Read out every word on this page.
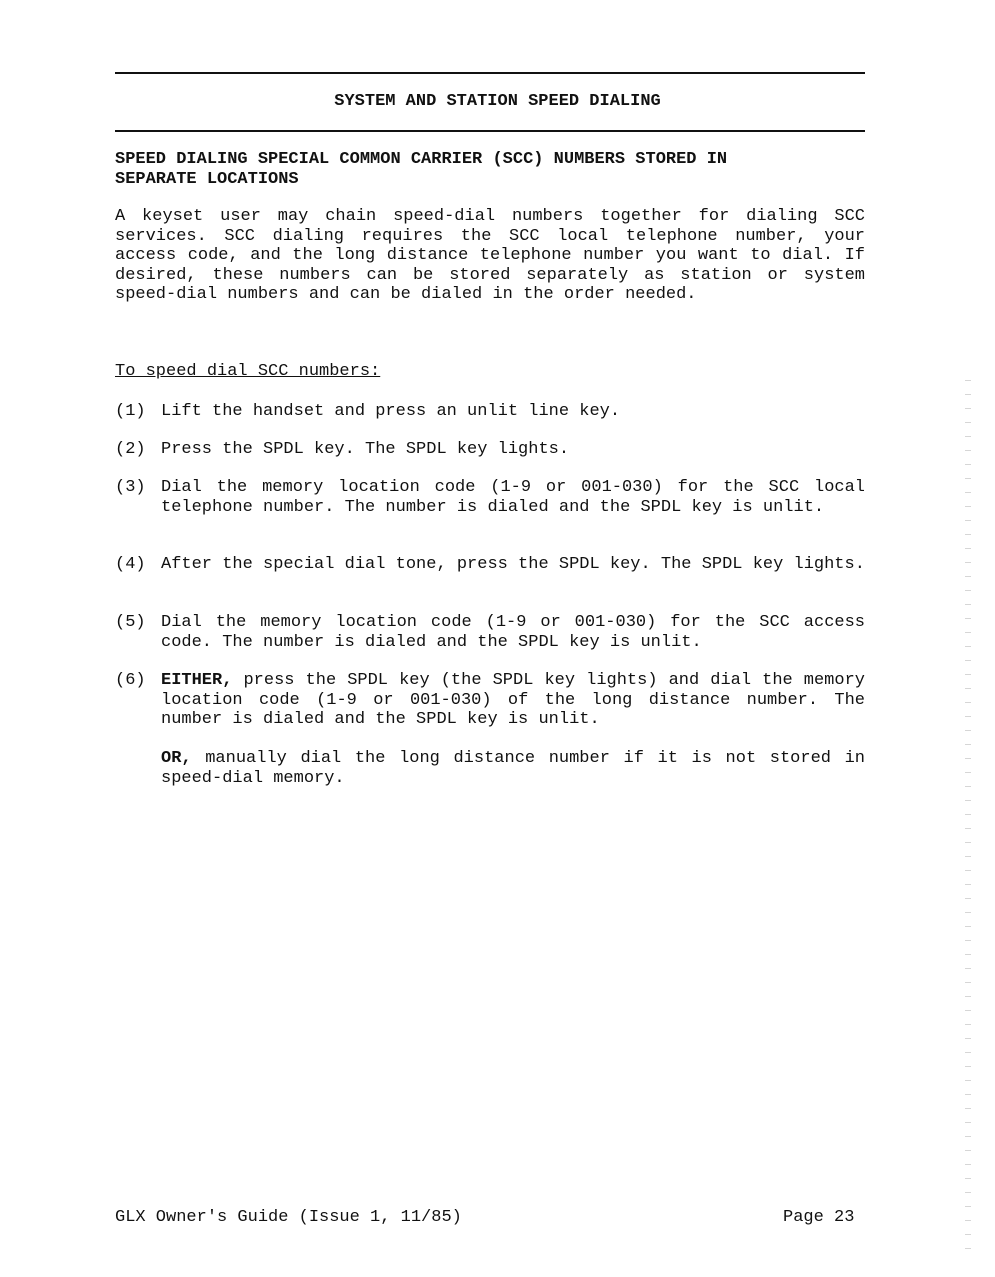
SYSTEM AND STATION SPEED DIALING
SPEED DIALING SPECIAL COMMON CARRIER (SCC) NUMBERS STORED IN
SEPARATE LOCATIONS
A keyset user may chain speed-dial numbers together for dialing SCC services. SCC dialing requires the SCC local telephone number, your access code, and the long distance telephone number you want to dial. If desired, these numbers can be stored separately as station or system speed-dial numbers and can be dialed in the order needed.
To speed dial SCC numbers:
(1) Lift the handset and press an unlit line key.
(2) Press the SPDL key. The SPDL key lights.
(3) Dial the memory location code (1-9 or 001-030) for the SCC local telephone number. The number is dialed and the SPDL key is unlit.
(4) After the special dial tone, press the SPDL key. The SPDL key lights.
(5) Dial the memory location code (1-9 or 001-030) for the SCC access code. The number is dialed and the SPDL key is unlit.
(6) EITHER, press the SPDL key (the SPDL key lights) and dial the memory location code (1-9 or 001-030) of the long distance number. The number is dialed and the SPDL key is unlit.
OR, manually dial the long distance number if it is not stored in speed-dial memory.
GLX Owner's Guide (Issue 1, 11/85)	Page 23
